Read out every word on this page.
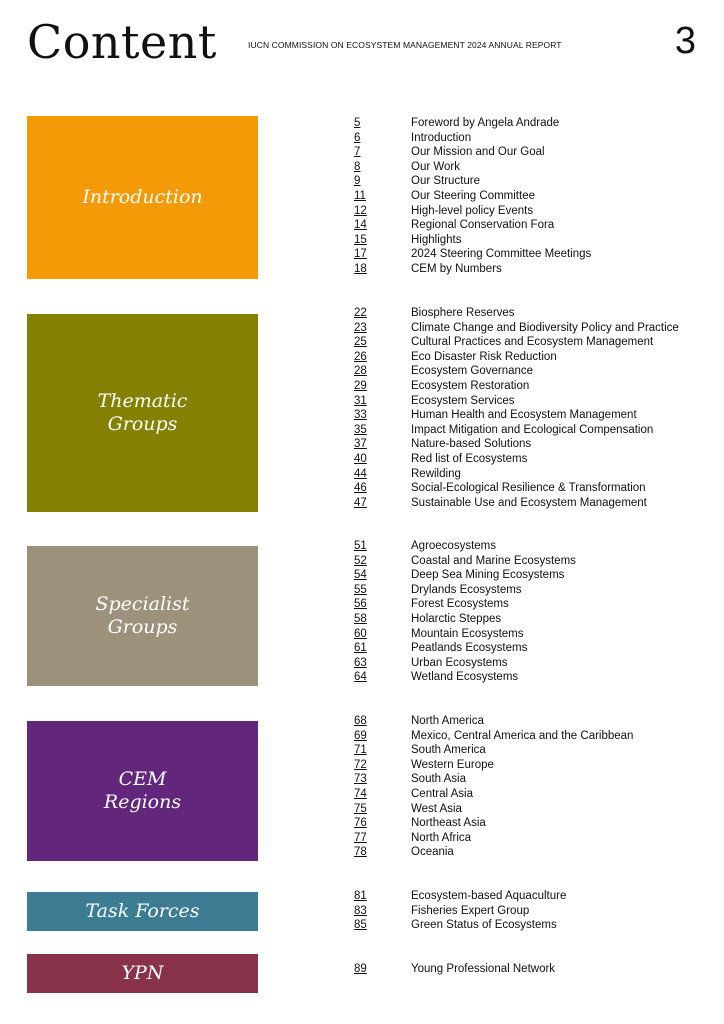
Content	IUCN COMMISSION ON ECOSYSTEM MANAGEMENT 2024 ANNUAL REPORT	3
Introduction
5	Foreword by Angela Andrade
6	Introduction
7	Our Mission and Our Goal
8	Our Work
9	Our Structure
11	Our Steering Committee
12	High-level policy Events
14	Regional Conservation Fora
15	Highlights
17	2024 Steering Committee Meetings
18	CEM by Numbers
Thematic
Groups
22	Biosphere Reserves
23	Climate Change and Biodiversity Policy and Practice
25	Cultural Practices and Ecosystem Management
26	Eco Disaster Risk Reduction
28	Ecosystem Governance
29	Ecosystem Restoration
31	Ecosystem Services
33	Human Health and Ecosystem Management
35	Impact Mitigation and Ecological Compensation
37	Nature-based Solutions
40	Red list of Ecosystems
44	Rewilding
46	Social-Ecological Resilience & Transformation
47	Sustainable Use and Ecosystem Management
Specialist
Groups
51	Agroecosystems
52	Coastal and Marine Ecosystems
54	Deep Sea Mining Ecosystems
55	Drylands Ecosystems
56	Forest Ecosystems
58	Holarctic Steppes
60	Mountain Ecosystems
61	Peatlands Ecosystems
63	Urban Ecosystems
64	Wetland Ecosystems
CEM
Regions
68	North America
69	Mexico, Central America and the Caribbean
71	South America
72	Western Europe
73	South Asia
74	Central Asia
75	West Asia
76	Northeast Asia
77	North Africa
78	Oceania
Task Forces
81	Ecosystem-based Aquaculture
83	Fisheries Expert Group
85	Green Status of Ecosystems
YPN	89	Young Professional Network
